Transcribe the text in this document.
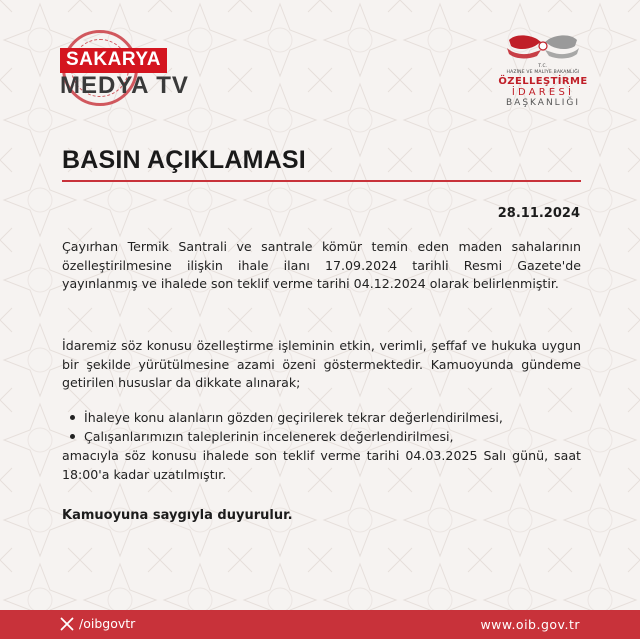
SAKARYA
MEDYA TV
T.C.
HAZİNE VE MALİYE BAKANLIĞI
ÖZELLEŞTİRME
İDARESİ
BAŞKANLIĞI
BASIN AÇIKLAMASI
28.11.2024

Çayırhan Termik Santrali ve santrale kömür temin eden maden sahalarının özelleştirilmesine ilişkin ihale ilanı 17.09.2024 tarihli Resmi Gazete'de yayınlanmış ve ihalede son teklif verme tarihi 04.12.2024 olarak belirlenmiştir.

İdaremiz söz konusu özelleştirme işleminin etkin, verimli, şeffaf ve hukuka uygun bir şekilde yürütülmesine azami özeni göstermektedir. Kamuoyunda gündeme getirilen hususlar da dikkate alınarak;

İhaleye konu alanların gözden geçirilerek tekrar değerlendirilmesi,
Çalışanlarımızın taleplerinin incelenerek değerlendirilmesi,

amacıyla söz konusu ihalede son teklif verme tarihi 04.03.2025 Salı günü, saat 18:00'a kadar uzatılmıştır.

Kamuoyuna saygıyla duyurulur.

/oibgovtr	www.oib.gov.tr
